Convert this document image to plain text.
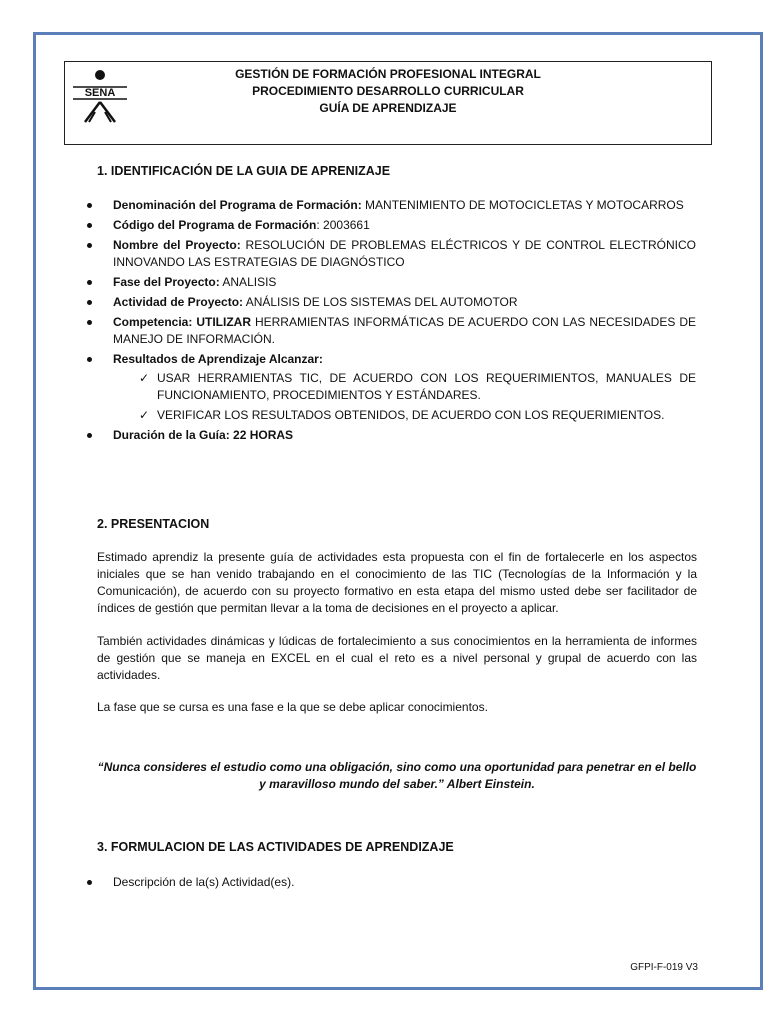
SENA
GESTIÓN DE FORMACIÓN PROFESIONAL INTEGRAL
PROCEDIMIENTO DESARROLLO CURRICULAR
GUÍA DE APRENDIZAJE
1. IDENTIFICACIÓN DE LA GUIA DE APRENIZAJE
Denominación del Programa de Formación: MANTENIMIENTO DE MOTOCICLETAS Y MOTOCARROS
Código del Programa de Formación: 2003661
Nombre del Proyecto: RESOLUCIÓN DE PROBLEMAS ELÉCTRICOS Y DE CONTROL ELECTRÓNICO INNOVANDO LAS ESTRATEGIAS DE DIAGNÓSTICO
Fase del Proyecto: ANALISIS
Actividad de Proyecto: ANÁLISIS DE LOS SISTEMAS DEL AUTOMOTOR
Competencia: UTILIZAR HERRAMIENTAS INFORMÁTICAS DE ACUERDO CON LAS NECESIDADES DE MANEJO DE INFORMACIÓN.
Resultados de Aprendizaje Alcanzar:
✓ USAR HERRAMIENTAS TIC, DE ACUERDO CON LOS REQUERIMIENTOS, MANUALES DE FUNCIONAMIENTO, PROCEDIMIENTOS Y ESTÁNDARES.
✓ VERIFICAR LOS RESULTADOS OBTENIDOS, DE ACUERDO CON LOS REQUERIMIENTOS.
Duración de la Guía: 22 HORAS
2. PRESENTACION
Estimado aprendiz la presente guía de actividades esta propuesta con el fin de fortalecerle en los aspectos iniciales que se han venido trabajando en el conocimiento de las TIC (Tecnologías de la Información y la Comunicación), de acuerdo con su proyecto formativo en esta etapa del mismo usted debe ser facilitador de índices de gestión que permitan llevar a la toma de decisiones en el proyecto a aplicar.
También actividades dinámicas y lúdicas de fortalecimiento a sus conocimientos en la herramienta de informes de gestión que se maneja en EXCEL en el cual el reto es a nivel personal y grupal de acuerdo con las actividades.
La fase que se cursa es una fase e la que se debe aplicar conocimientos.
“Nunca consideres el estudio como una obligación, sino como una oportunidad para penetrar en el bello y maravilloso mundo del saber.” Albert Einstein.
3. FORMULACION DE LAS ACTIVIDADES DE APRENDIZAJE
Descripción de la(s) Actividad(es).
GFPI-F-019 V3
